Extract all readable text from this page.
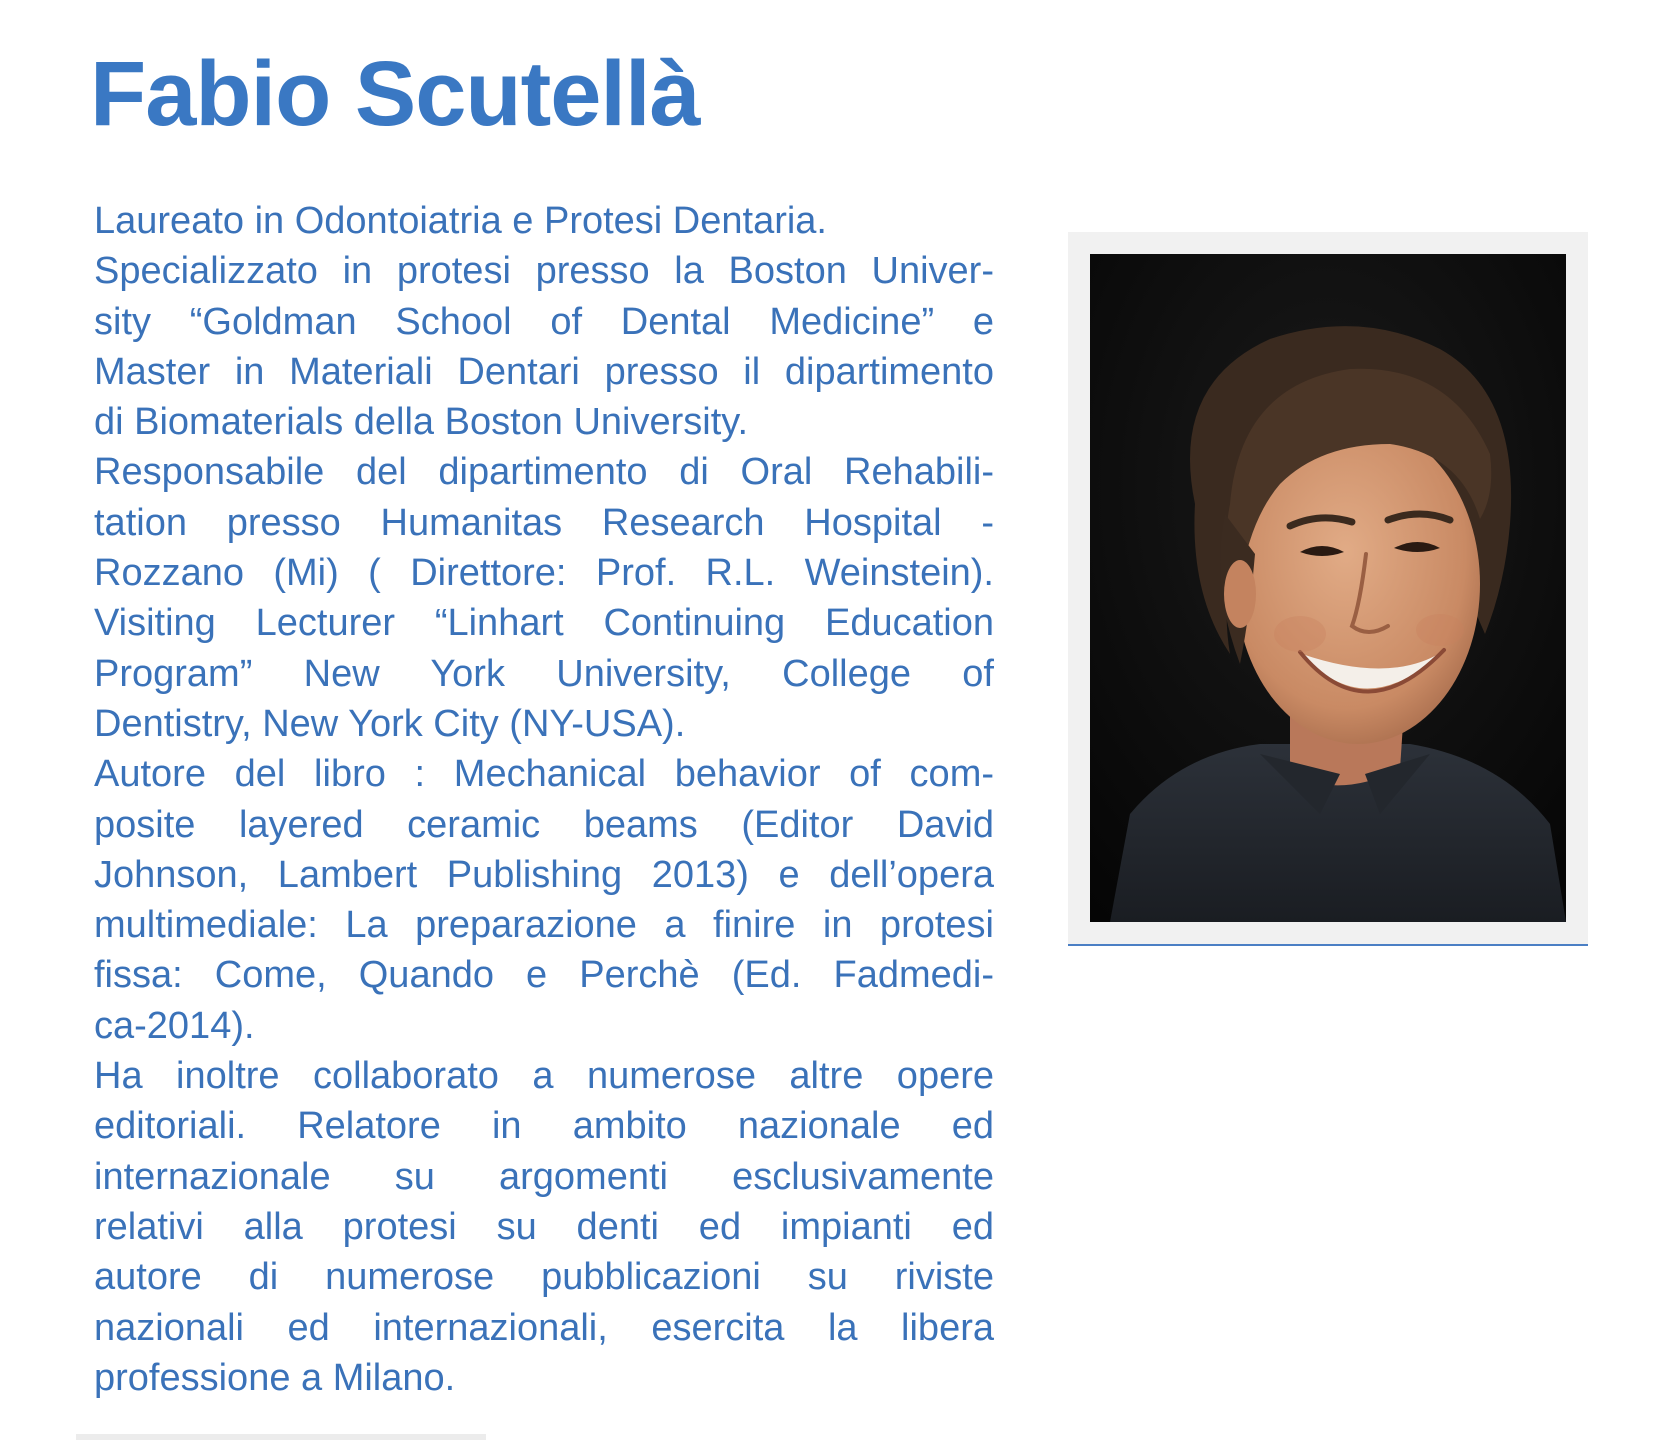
Fabio Scutellà
Laureato in Odontoiatria e Protesi Dentaria.
Specializzato in protesi presso la Boston Univer-
sity “Goldman School of Dental Medicine” e
Master in Materiali Dentari presso il dipartimento
di Biomaterials della Boston University.
Responsabile del dipartimento di Oral Rehabili-
tation presso Humanitas Research Hospital -
Rozzano (Mi) ( Direttore: Prof. R.L. Weinstein).
Visiting Lecturer “Linhart Continuing Education
Program” New York University, College of
Dentistry, New York City (NY-USA).
Autore del libro : Mechanical behavior of com-
posite layered ceramic beams (Editor David
Johnson, Lambert Publishing 2013) e dell’opera
multimediale: La preparazione a finire in protesi
fissa: Come, Quando e Perchè (Ed. Fadmedi-
ca-2014).
Ha inoltre collaborato a numerose altre opere
editoriali. Relatore in ambito nazionale ed
internazionale su argomenti esclusivamente
relativi alla protesi su denti ed impianti ed
autore di numerose pubblicazioni su riviste
nazionali ed internazionali, esercita la libera
professione a Milano.
